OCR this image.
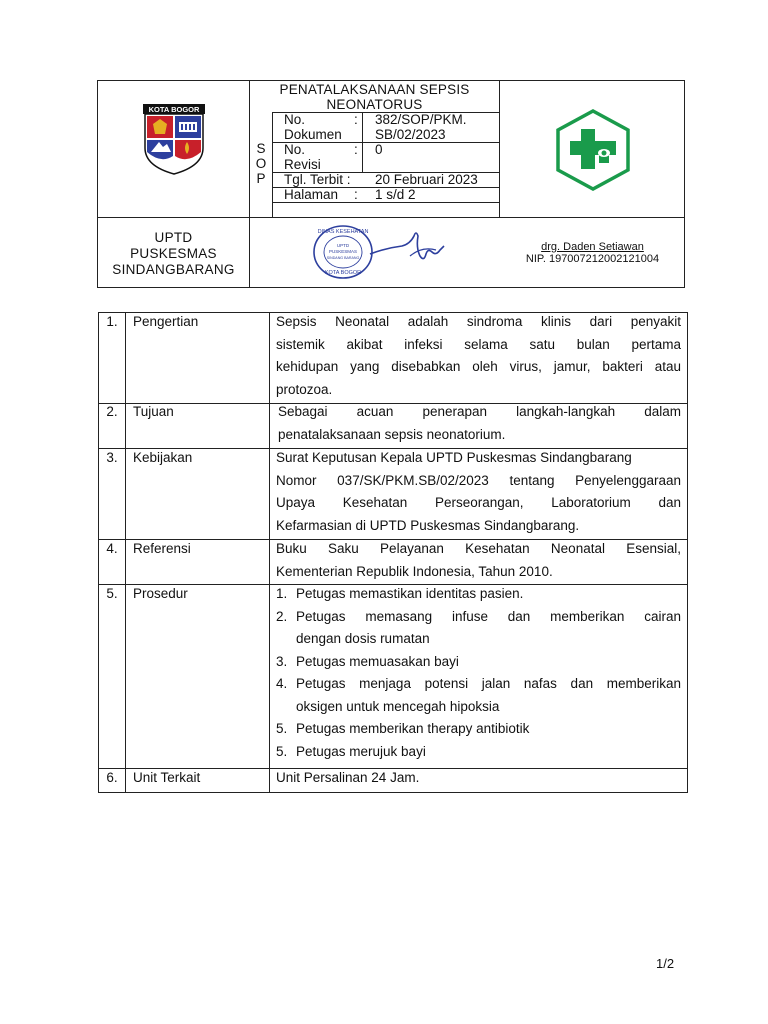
KOTA BOGOR
PENATALAKSANAAN SEPSIS
NEONATORUS
S
O
P
No.
Dokumen
: 382/SOP/PKM.
SB/02/2023
No.
Revisi
: 0
Tgl. Terbit : 20 Februari 2023
Halaman : 1 s/d 2
UPTD
PUSKESMAS
SINDANGBARANG
DINAS KESEHATAN
UPTD
PUSKESMAS
SINDANG BARANG
KOTA BOGOR
drg. Daden Setiawan
NIP. 197007212002121004
1.	Pengertian	Sepsis Neonatal adalah sindroma klinis dari penyakit
sistemik akibat infeksi selama satu bulan pertama
kehidupan yang disebabkan oleh virus, jamur, bakteri atau
protozoa.
2.	Tujuan	Sebagai acuan penerapan langkah-langkah dalam
penatalaksanaan sepsis neonatorium.
3.	Kebijakan	Surat Keputusan Kepala UPTD Puskesmas Sindangbarang
Nomor 037/SK/PKM.SB/02/2023 tentang Penyelenggaraan
Upaya Kesehatan Perseorangan, Laboratorium dan
Kefarmasian di UPTD Puskesmas Sindangbarang.
4.	Referensi	Buku Saku Pelayanan Kesehatan Neonatal Esensial,
Kementerian Republik Indonesia, Tahun 2010.
5.	Prosedur	1. Petugas memastikan identitas pasien.
2. Petugas memasang infuse dan memberikan cairan
dengan dosis rumatan
3. Petugas memuasakan bayi
4. Petugas menjaga potensi jalan nafas dan memberikan
oksigen untuk mencegah hipoksia
5. Petugas memberikan therapy antibiotik
5. Petugas merujuk bayi
6.	Unit Terkait	Unit Persalinan 24 Jam.
1/2
